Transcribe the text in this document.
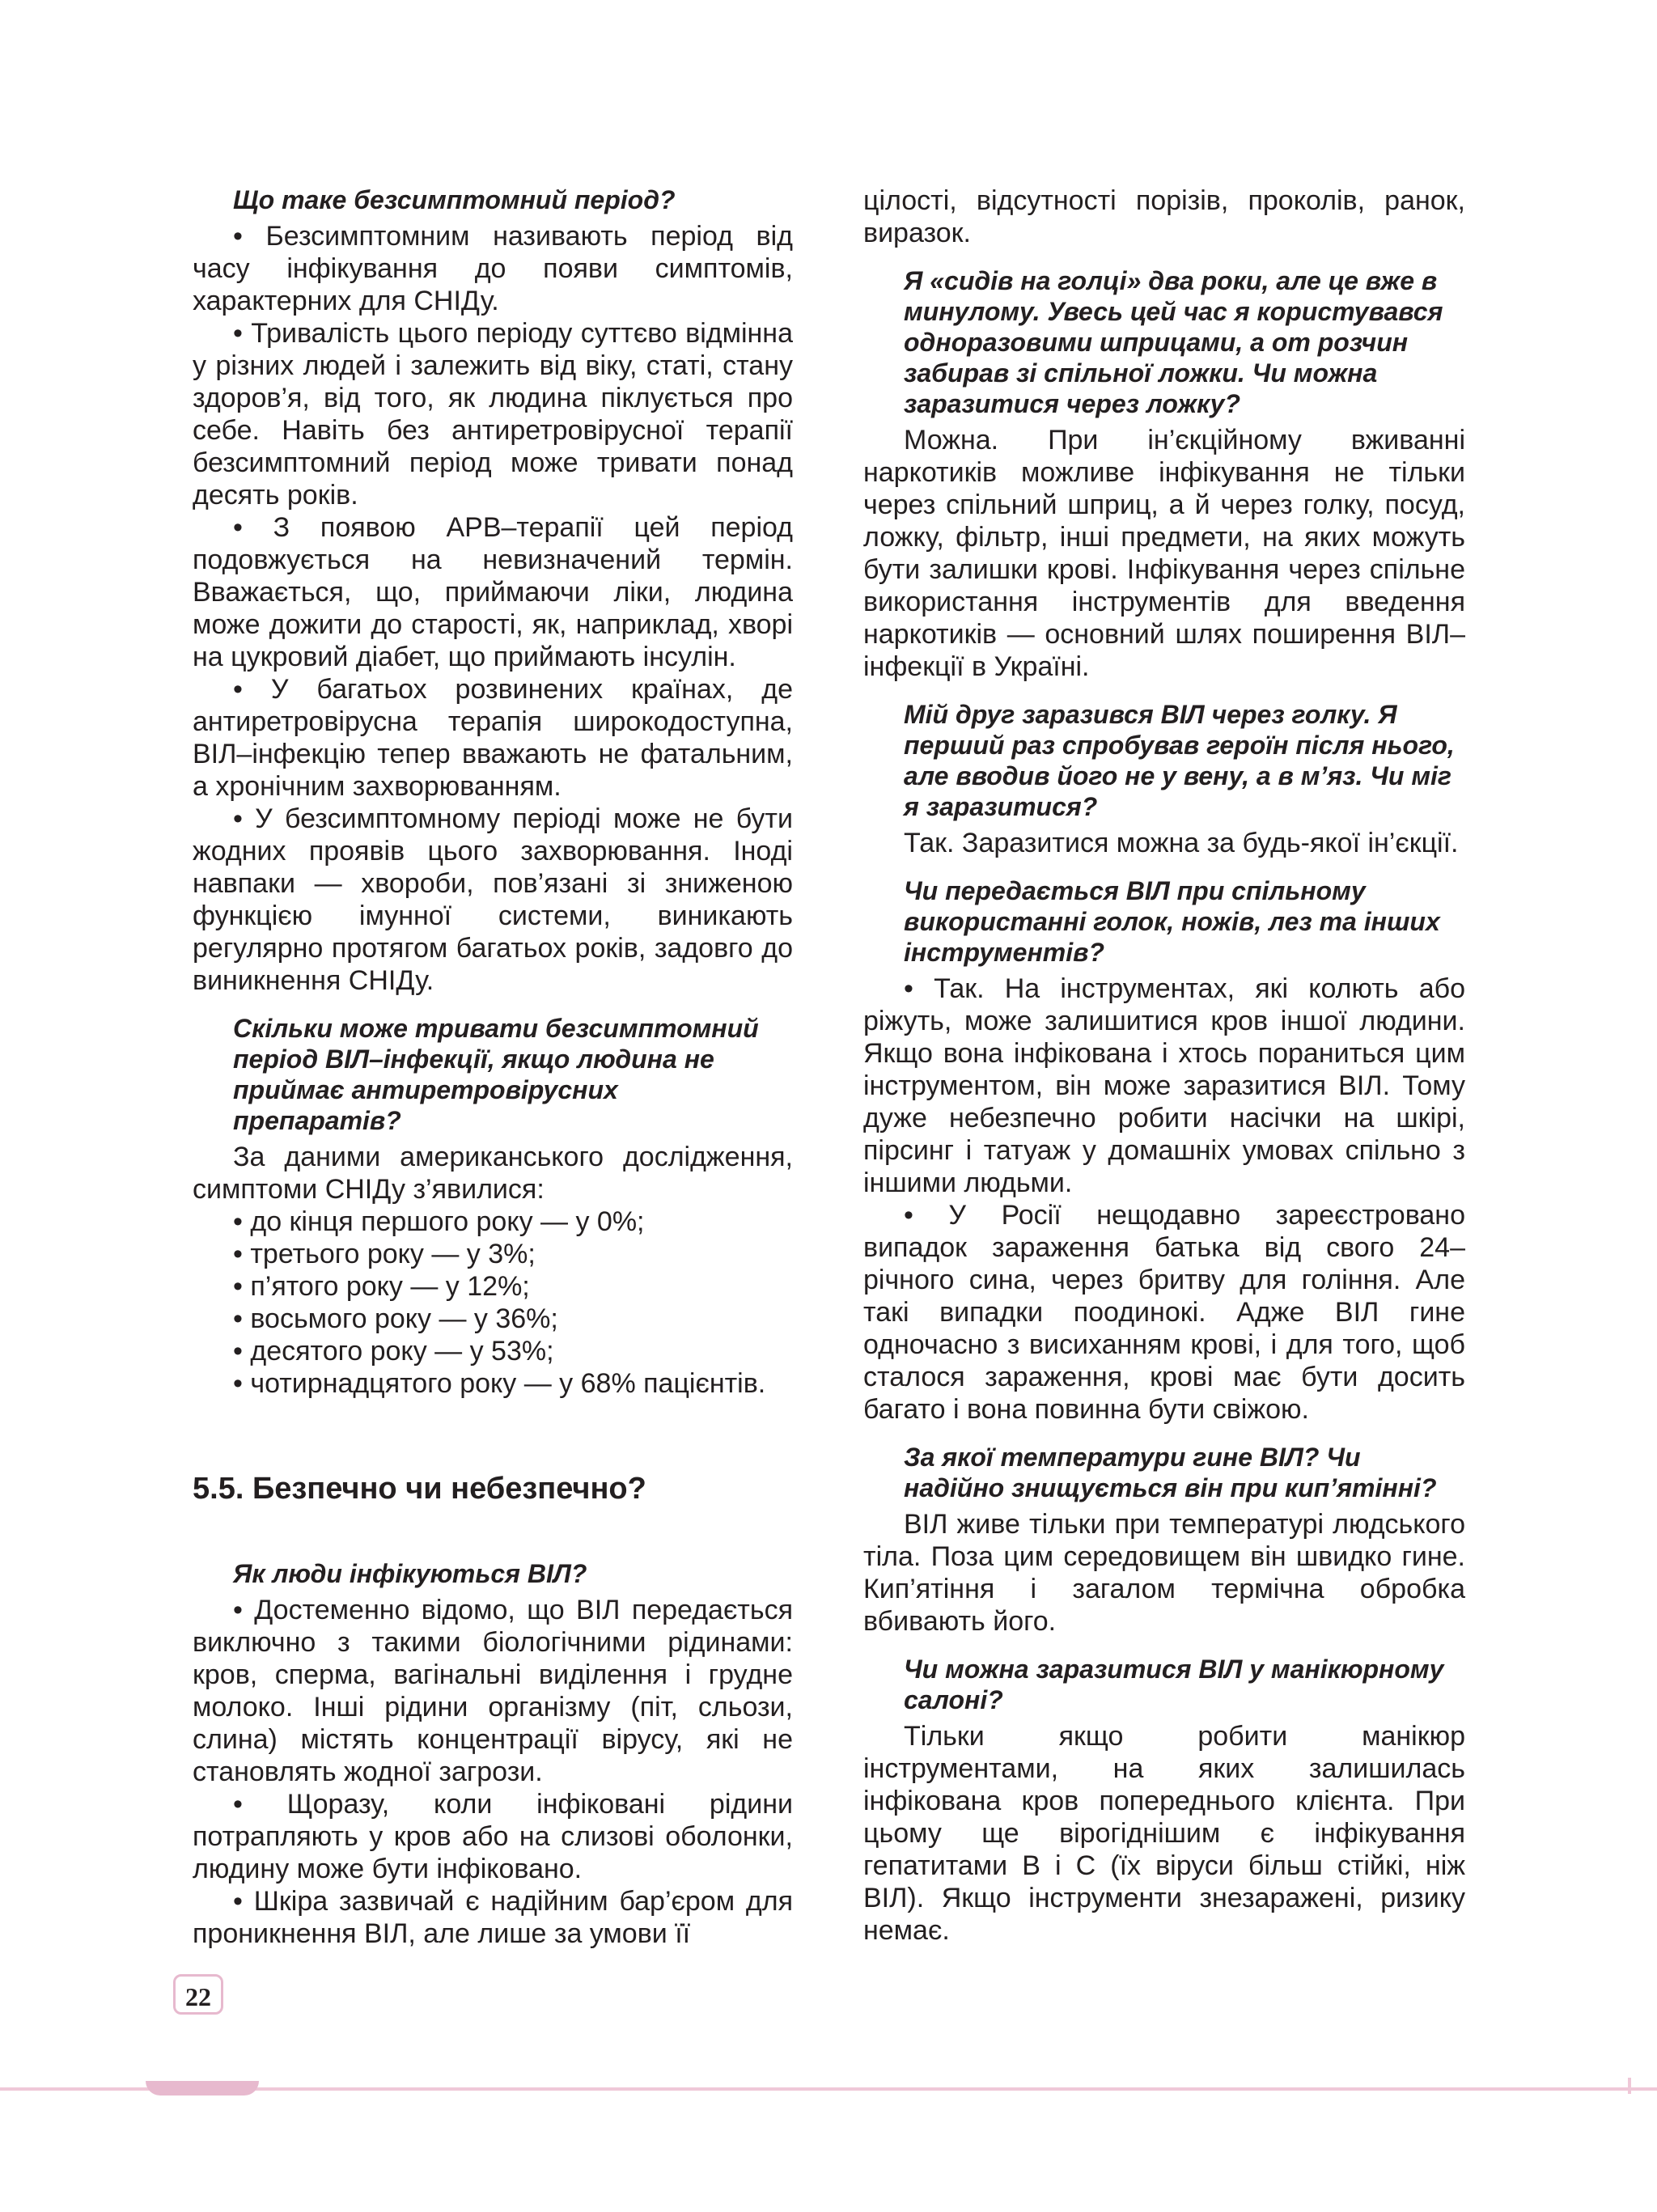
Що таке безсимптомний період?

• Безсимптомним називають період від часу інфікування до появи симптомів, характерних для СНІДу.

• Тривалість цього періоду суттєво відмінна у різних людей і залежить від віку, статі, стану здоров’я, від того, як людина піклується про себе. Навіть без антиретровірусної терапії безсимптомний період може тривати понад десять років.

• З появою АРВ–терапії цей період подовжується на невизначений термін. Вважається, що, приймаючи ліки, людина може дожити до старості, як, наприклад, хворі на цукровий діабет, що приймають інсулін.

• У багатьох розвинених країнах, де антиретровірусна терапія широкодоступна, ВІЛ–інфекцію тепер вважають не фатальним, а хронічним захворюванням.

• У безсимптомному періоді може не бути жодних проявів цього захворювання. Іноді навпаки — хвороби, пов’язані зі зниженою функцією імунної системи, виникають регулярно протягом багатьох років, задовго до виникнення СНІДу.

Скільки може тривати безсимптомний період ВІЛ–інфекції, якщо людина не приймає антиретровірусних препаратів?

За даними американського дослідження, симптоми СНІДу з’явилися:

• до кінця першого року — у 0%;
• третього року — у 3%;
• п’ятого року — у 12%;
• восьмого року — у 36%;
• десятого року — у 53%;
• чотирнадцятого року — у 68% пацієнтів.

5.5. Безпечно чи небезпечно?

Як люди інфікуються ВІЛ?

• Достеменно відомо, що ВІЛ передається виключно з такими біологічними рідинами: кров, сперма, вагінальні виділення і грудне молоко. Інші рідини організму (піт, сльози, слина) містять концентрації вірусу, які не становлять жодної загрози.

• Щоразу, коли інфіковані рідини потрапляють у кров або на слизові оболонки, людину може бути інфіковано.

• Шкіра зазвичай є надійним бар’єром для проникнення ВІЛ, але лише за умови її

цілості, відсутності порізів, проколів, ранок, виразок.

Я «сидів на голці» два роки, але це вже в минулому. Увесь цей час я користувався одноразовими шприцами, а от розчин забирав зі спільної ложки. Чи можна заразитися через ложку?

Можна. При ін’єкційному вживанні наркотиків можливе інфікування не тільки через спільний шприц, а й через голку, посуд, ложку, фільтр, інші предмети, на яких можуть бути залишки крові. Інфікування через спільне використання інструментів для введення наркотиків — основний шлях поширення ВІЛ–інфекції в Україні.

Мій друг заразився ВІЛ через голку. Я перший раз спробував героїн після нього, але вводив його не у вену, а в м’яз. Чи міг я заразитися?

Так. Заразитися можна за будь-якої ін’єкції.

Чи передається ВІЛ при спільному використанні голок, ножів, лез та інших інструментів?

• Так. На інструментах, які колють або ріжуть, може залишитися кров іншої людини. Якщо вона інфікована і хтось пораниться цим інструментом, він може заразитися ВІЛ. Тому дуже небезпечно робити насічки на шкірі, пірсинг і татуаж у домашніх умовах спільно з іншими людьми.

• У Росії нещодавно зареєстровано випадок зараження батька від свого 24–річного сина, через бритву для гоління. Але такі випадки поодинокі. Адже ВІЛ гине одночасно з висиханням крові, і для того, щоб сталося зараження, крові має бути досить багато і вона повинна бути свіжою.

За якої температури гине ВІЛ? Чи надійно знищується він при кип’ятінні?

ВІЛ живе тільки при температурі людського тіла. Поза цим середовищем він швидко гине. Кип’ятіння і загалом термічна обробка вбивають його.

Чи можна заразитися ВІЛ у манікюрному салоні?

Тільки якщо робити манікюр інструментами, на яких залишилась інфікована кров попереднього клієнта. При цьому ще вірогіднішим є інфікування гепатитами В і С (їх віруси більш стійкі, ніж ВІЛ). Якщо інструменти знезаражені, ризику немає.

22
